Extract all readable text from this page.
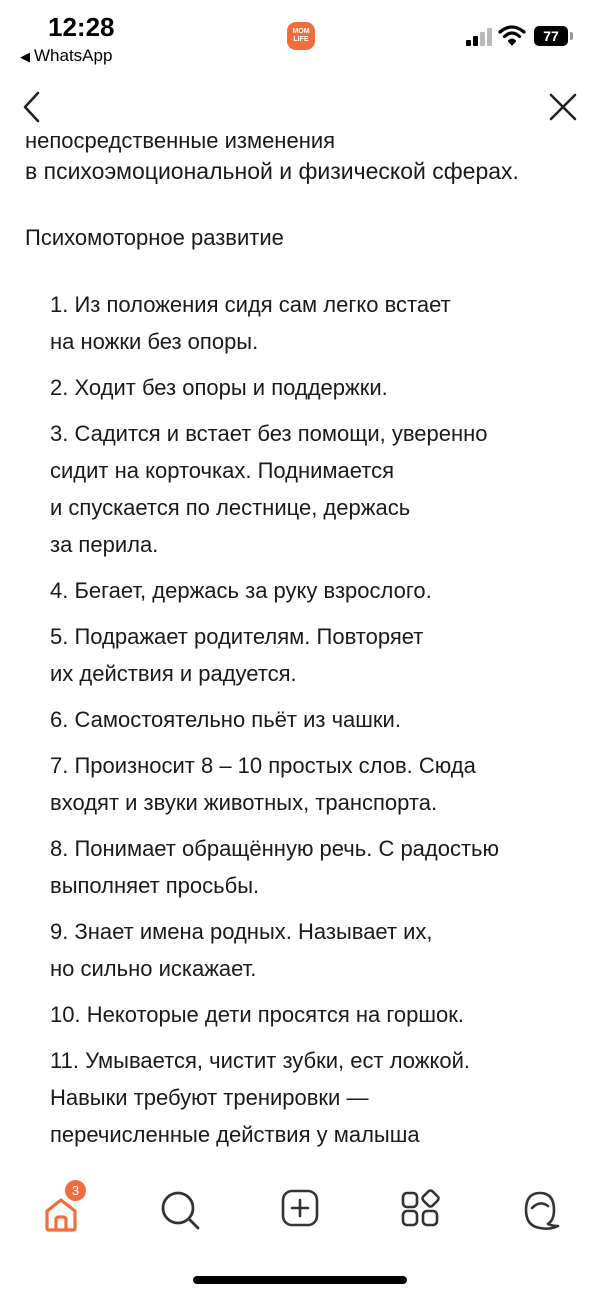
12:28
◀ WhatsApp
MOM
LIFE	77
непосредственные изменения
в психоэмоциональной и физической сферах.
Психомоторное развитие
1. Из положения сидя сам легко встает
на ножки без опоры.
2. Ходит без опоры и поддержки.
3. Садится и встает без помощи, уверенно
сидит на корточках. Поднимается
и спускается по лестнице, держась
за перила.
4. Бегает, держась за руку взрослого.
5. Подражает родителям. Повторяет
их действия и радуется.
6. Самостоятельно пьёт из чашки.
7. Произносит 8 – 10 простых слов. Сюда
входят и звуки животных, транспорта.
8. Понимает обращённую речь. С радостью
выполняет просьбы.
9. Знает имена родных. Называет их,
но сильно искажает.
10. Некоторые дети просятся на горшок.
11. Умывается, чистит зубки, ест ложкой.
Навыки требуют тренировки —
перечисленные действия у малыша
3
